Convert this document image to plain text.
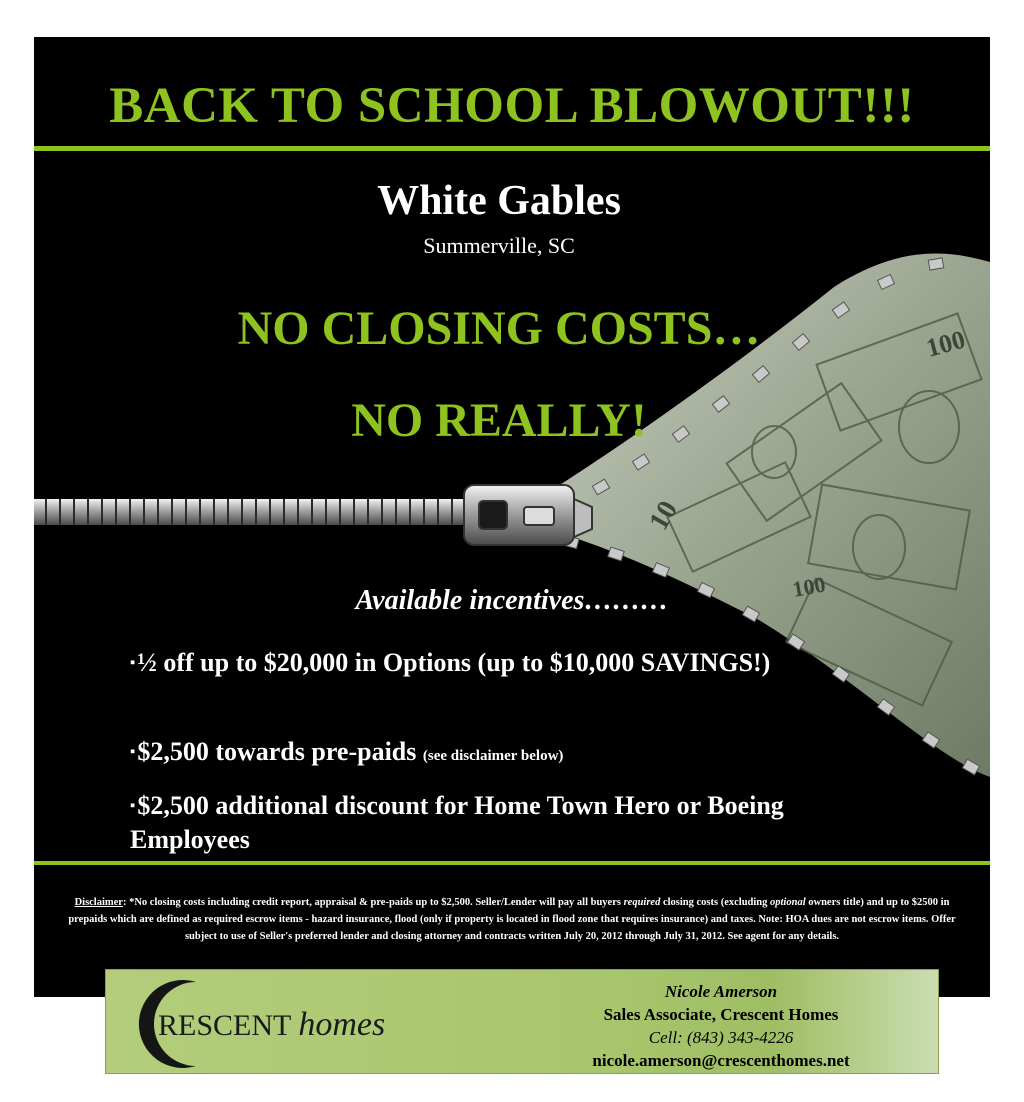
BACK TO SCHOOL BLOWOUT!!!
100
100
10
White Gables
Summerville, SC
NO CLOSING COSTS…
NO REALLY!
Available incentives………
▪½ off up to $20,000 in Options (up to $10,000 SAVINGS!)
▪$2,500 towards pre-paids (see disclaimer below)
▪$2,500 additional discount for Home Town Hero or Boeing Employees
Disclaimer: *No closing costs including credit report, appraisal & pre-paids up to $2,500. Seller/Lender will pay all buyers required closing costs (excluding optional owners title) and up to $2500 in prepaids which are defined as required escrow items - hazard insurance, flood (only if property is located in flood zone that requires insurance) and taxes. Note: HOA dues are not escrow items. Offer subject to use of Seller's preferred lender and closing attorney and contracts written July 20, 2012 through July 31, 2012. See agent for any details.
RESCENT homes
Nicole Amerson
Sales Associate, Crescent Homes
Cell: (843) 343-4226
nicole.amerson@crescenthomes.net
